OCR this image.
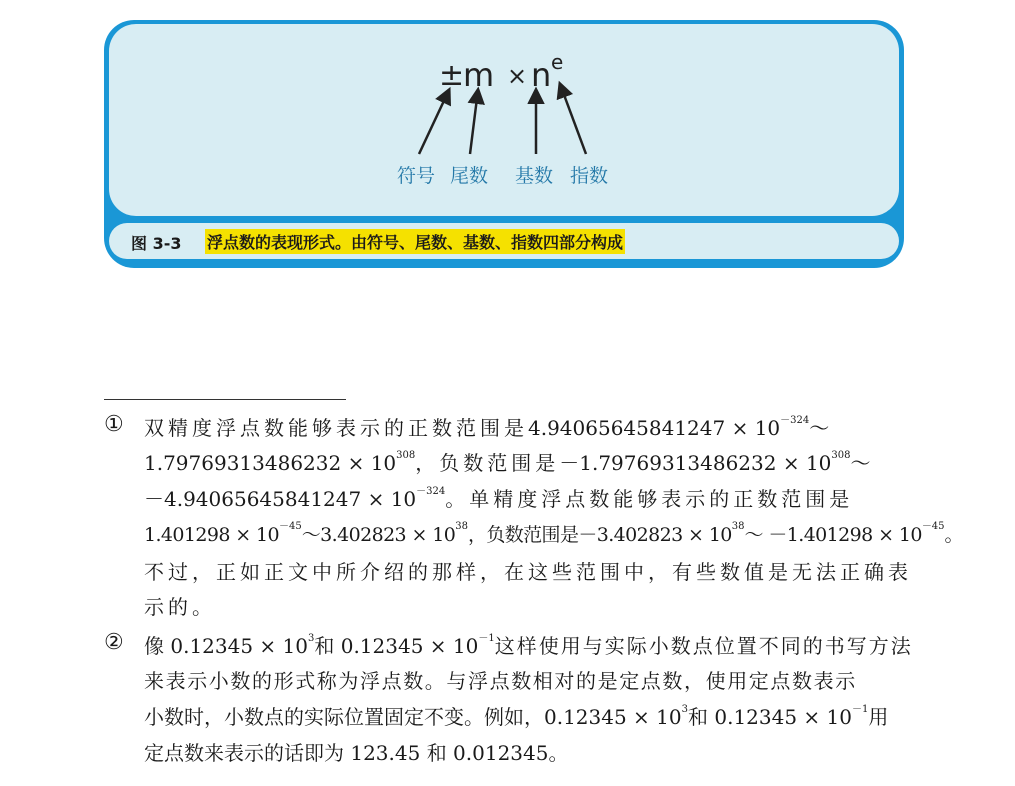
±
m × n e
符号 尾数 基数 指数
图 3-3 浮点数的表现形式。由符号、尾数、基数、指数四部分构成
① 双精度浮点数能够表示的正数范围是$4.94065645841247 \times 10^{-324}\sim$
$1.79769313486232 \times 10^{308}$，负数范围是$-1.79769313486232 \times 10^{308}\sim$
$-4.94065645841247 \times 10^{-324}$。单精度浮点数能够表示的正数范围是
$1.401298 \times 10^{-45}\sim 3.402823 \times 10^{38}$，负数范围是$-3.402823 \times 10^{38}\sim -1.401298 \times 10^{-45}$。
不过，正如正文中所介绍的那样，在这些范围中，有些数值是无法正确表
示的。
② 像 $0.12345 \times 10^3$和 $0.12345 \times 10^{-1}$这样使用与实际小数点位置不同的书写方法
来表示小数的形式称为浮点数。与浮点数相对的是定点数，使用定点数表示
小数时，小数点的实际位置固定不变。例如，$0.12345 \times 10^3$和 $0.12345 \times 10^{-1}$用
定点数来表示的话即为 123.45 和 0.012345。
